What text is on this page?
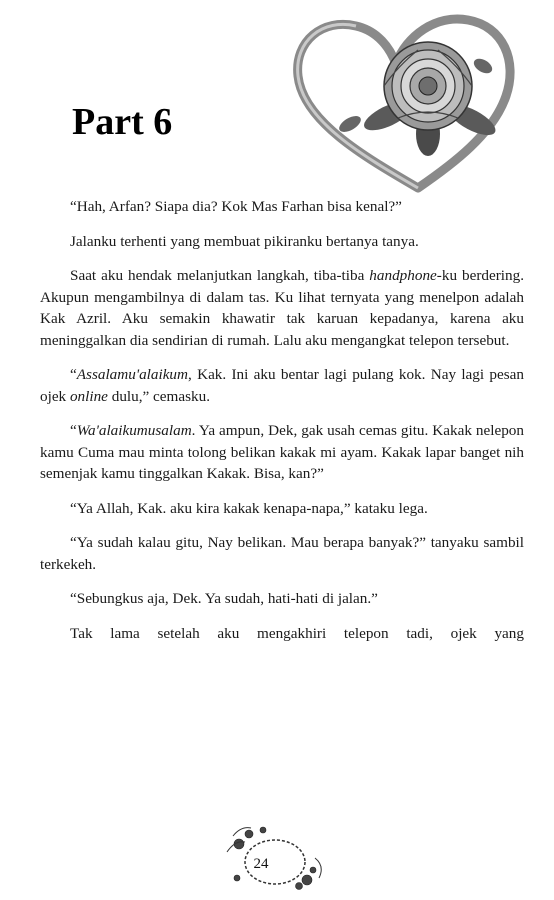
Part 6

“Hah, Arfan? Siapa dia? Kok Mas Farhan bisa kenal?”

Jalanku terhenti yang membuat pikiranku bertanya tanya.

Saat aku hendak melanjutkan langkah, tiba-tiba handphone-ku berdering. Akupun mengambilnya di dalam tas. Ku lihat ternyata yang menelpon adalah Kak Azril. Aku semakin khawatir tak karuan kepadanya, karena aku meninggalkan dia sendirian di rumah. Lalu aku mengangkat telepon tersebut.

“Assalamu'alaikum, Kak. Ini aku bentar lagi pulang kok. Nay lagi pesan ojek online dulu,” cemasku.

“Wa'alaikumusalam. Ya ampun, Dek, gak usah cemas gitu. Kakak nelepon kamu Cuma mau minta tolong belikan kakak mi ayam. Kakak lapar banget nih semenjak kamu tinggalkan Kakak. Bisa, kan?”

“Ya Allah, Kak. aku kira kakak kenapa-napa,” kataku lega.

“Ya sudah kalau gitu, Nay belikan. Mau berapa banyak?” tanyaku sambil terkekeh.

“Sebungkus aja, Dek. Ya sudah, hati-hati di jalan.”

Tak lama setelah aku mengakhiri telepon tadi, ojek yang

24
